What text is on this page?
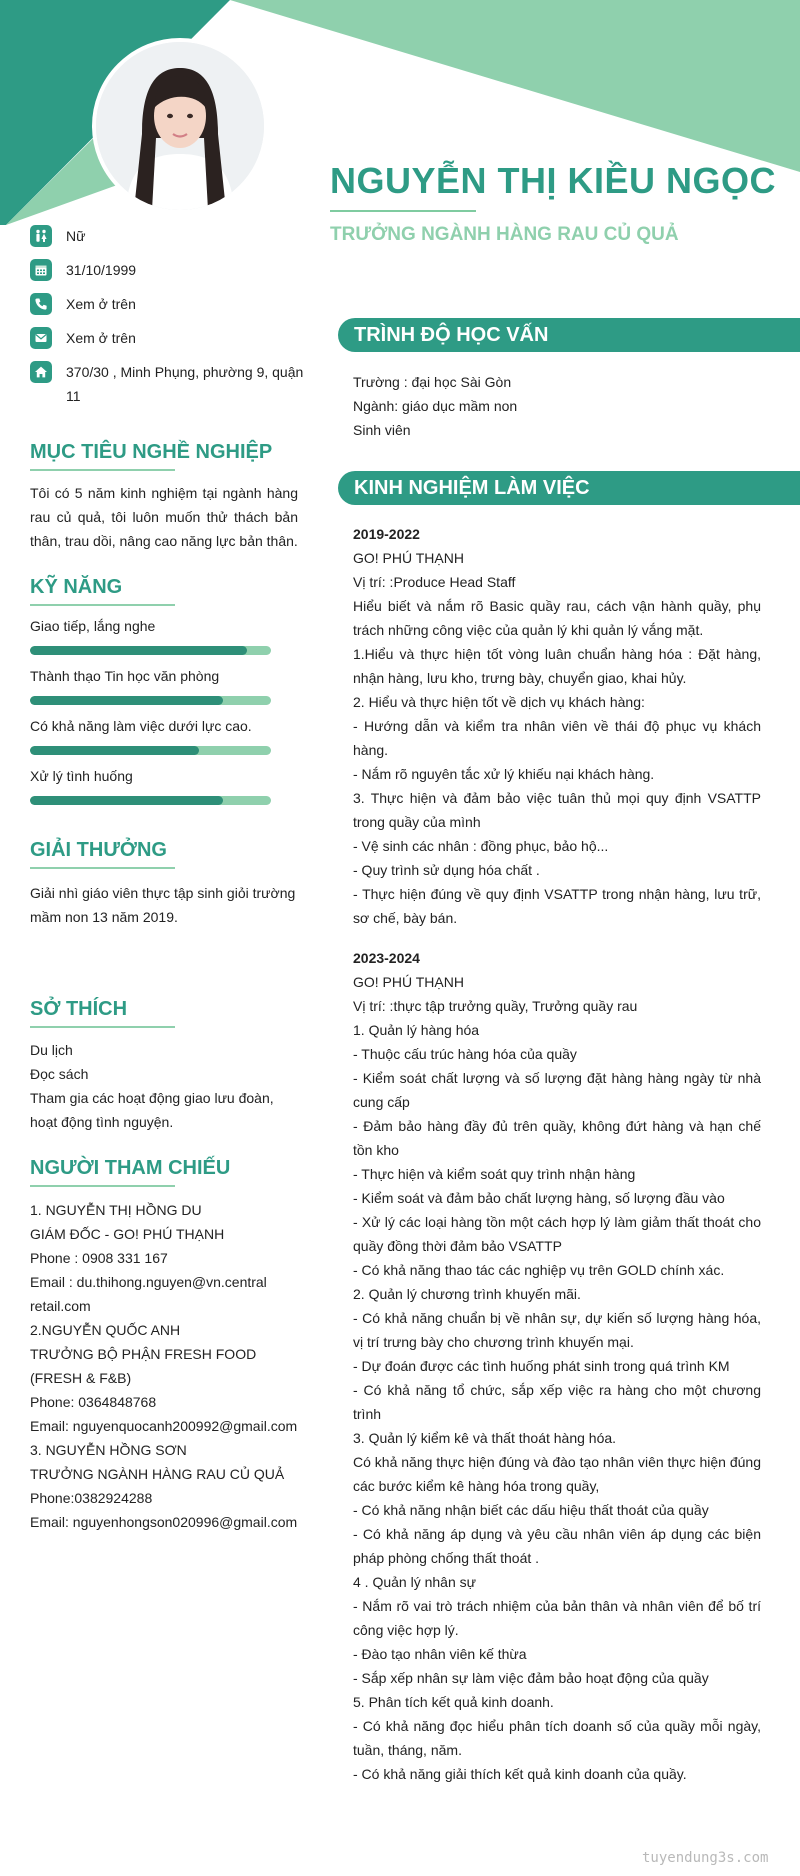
NGUYỄN THỊ KIỀU NGỌC
TRƯỞNG NGÀNH HÀNG RAU CỦ QUẢ
Nữ
31/10/1999
Xem ở trên
Xem ở trên
370/30 , Minh Phụng, phường 9, quận 11
MỤC TIÊU NGHỀ NGHIỆP
Tôi có 5 năm kinh nghiệm tại ngành hàng rau củ quả, tôi luôn muốn thử thách bản thân, trau dồi, nâng cao năng lực bản thân.
KỸ NĂNG
Giao tiếp, lắng nghe
Thành thạo Tin học văn phòng
Có khả năng làm việc dưới lực cao.
Xử lý tình huống
GIẢI THƯỞNG
Giải nhì giáo viên thực tập sinh giỏi trường mầm non 13 năm 2019.
SỞ THÍCH
Du lịch
Đọc sách
Tham gia các hoạt động giao lưu đoàn, hoạt động tình nguyện.
NGƯỜI THAM CHIẾU
1. NGUYỄN THỊ HỒNG DU
GIÁM ĐỐC - GO! PHÚ THẠNH
Phone : 0908 331 167
Email : du.thihong.nguyen@vn.central retail.com
2.NGUYỄN QUỐC ANH
TRƯỞNG BỘ PHẬN FRESH FOOD (FRESH & F&B)
Phone: 0364848768
Email: nguyenquocanh200992@gmail.com
3. NGUYỄN HỒNG SƠN
TRƯỞNG NGÀNH HÀNG RAU CỦ QUẢ
Phone:0382924288
Email: nguyenhongson020996@gmail.com
TRÌNH ĐỘ HỌC VẤN
Trường : đại học Sài Gòn
Ngành: giáo dục mầm non
Sinh viên
KINH NGHIỆM LÀM VIỆC
2019-2022
GO! PHÚ THẠNH
Vị trí: :Produce Head Staff
Hiểu biết và nắm rõ Basic quầy rau, cách vận hành quầy, phụ trách những công việc của quản lý khi quản lý vắng mặt.
1.Hiểu và thực hiện tốt vòng luân chuẩn hàng hóa : Đặt hàng, nhận hàng, lưu kho, trưng bày, chuyển giao, khai hủy.
2. Hiểu và thực hiện tốt về dịch vụ khách hàng:
- Hướng dẫn và kiểm tra nhân viên về thái độ phục vụ khách hàng.
- Nắm rõ nguyên tắc xử lý khiếu nại khách hàng.
3. Thực hiện và đảm bảo việc tuân thủ mọi quy định VSATTP trong quầy của mình
- Vệ sinh các nhân : đồng phục, bảo hộ...
- Quy trình sử dụng hóa chất .
- Thực hiện đúng về quy định VSATTP trong nhận hàng, lưu trữ, sơ chế, bày bán.
2023-2024
GO! PHÚ THẠNH
Vị trí: :thực tập trưởng quầy, Trưởng quầy rau
1. Quản lý hàng hóa
- Thuộc cấu trúc hàng hóa của quầy
- Kiểm soát chất lượng và số lượng đặt hàng hàng ngày từ nhà cung cấp
- Đảm bảo hàng đầy đủ trên quầy, không đứt hàng và hạn chế tồn kho
- Thực hiện và kiểm soát quy trình nhận hàng
- Kiểm soát và đảm bảo chất lượng hàng, số lượng đầu vào
- Xử lý các loại hàng tồn một cách hợp lý làm giảm thất thoát cho quầy đồng thời đảm bảo VSATTP
- Có khả năng thao tác các nghiệp vụ trên GOLD chính xác.
2. Quản lý chương trình khuyến mãi.
- Có khả năng chuẩn bị về nhân sự, dự kiến số lượng hàng hóa, vị trí trưng bày cho chương trình khuyến mại.
- Dự đoán được các tình huống phát sinh trong quá trình KM
- Có khả năng tổ chức, sắp xếp việc ra hàng cho một chương trình
3. Quản lý kiểm kê và thất thoát hàng hóa.
Có khả năng thực hiện đúng và đào tạo nhân viên thực hiện đúng các bước kiểm kê hàng hóa trong quầy,
- Có khả năng nhận biết các dấu hiệu thất thoát của quầy
- Có khả năng áp dụng và yêu cầu nhân viên áp dụng các biện pháp phòng chống thất thoát .
4 . Quản lý nhân sự
- Nắm rõ vai trò trách nhiệm của bản thân và nhân viên để bố trí công việc hợp lý.
- Đào tạo nhân viên kế thừa
- Sắp xếp nhân sự làm việc đảm bảo hoạt động của quầy
5. Phân tích kết quả kinh doanh.
- Có khả năng đọc hiểu phân tích doanh số của quầy mỗi ngày, tuần, tháng, năm.
- Có khả năng giải thích kết quả kinh doanh của quầy.
tuyendung3s.com
